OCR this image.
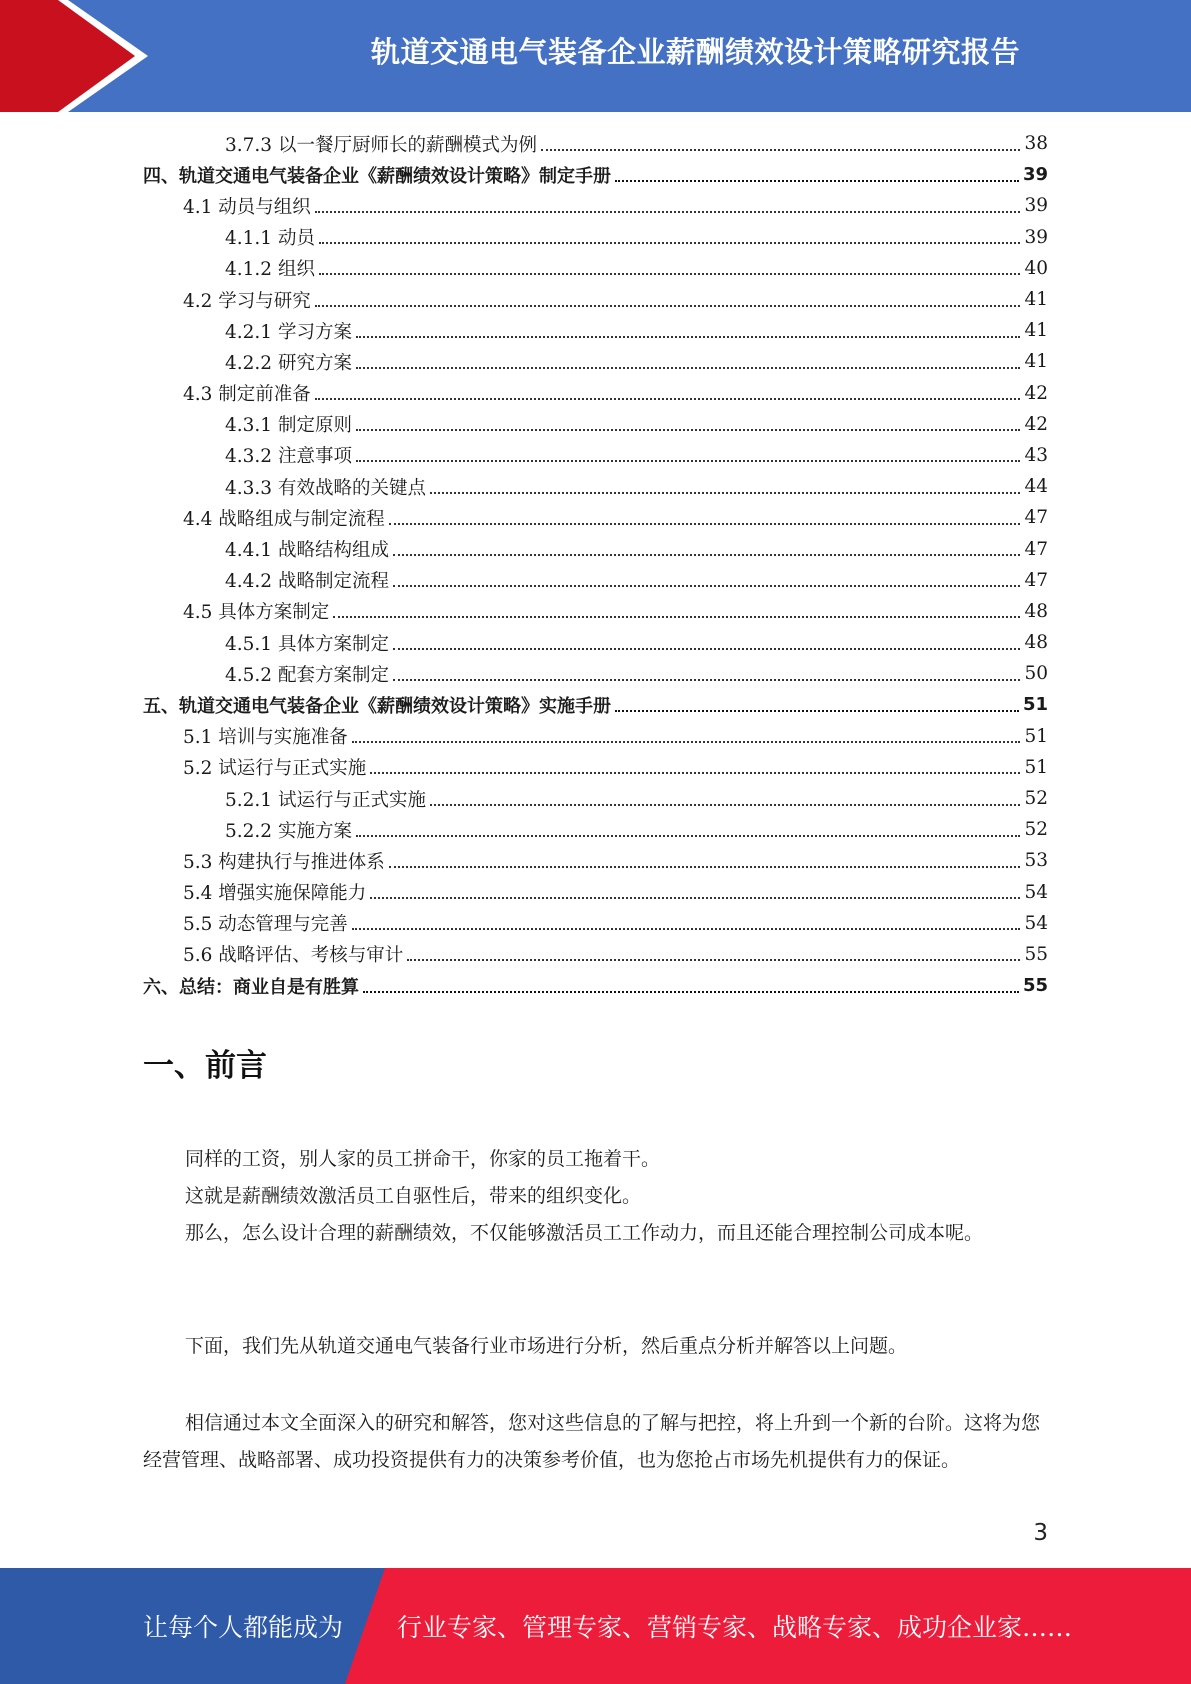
轨道交通电气装备企业薪酬绩效设计策略研究报告
3.7.3 以一餐厅厨师长的薪酬模式为例	38
四、轨道交通电气装备企业《薪酬绩效设计策略》制定手册	39
4.1 动员与组织	39
4.1.1 动员	39
4.1.2 组织	40
4.2 学习与研究	41
4.2.1 学习方案	41
4.2.2 研究方案	41
4.3 制定前准备	42
4.3.1 制定原则	42
4.3.2 注意事项	43
4.3.3 有效战略的关键点	44
4.4 战略组成与制定流程	47
4.4.1 战略结构组成	47
4.4.2 战略制定流程	47
4.5 具体方案制定	48
4.5.1 具体方案制定	48
4.5.2 配套方案制定	50
五、轨道交通电气装备企业《薪酬绩效设计策略》实施手册	51
5.1 培训与实施准备	51
5.2 试运行与正式实施	51
5.2.1 试运行与正式实施	52
5.2.2 实施方案	52
5.3 构建执行与推进体系	53
5.4 增强实施保障能力	54
5.5 动态管理与完善	54
5.6 战略评估、考核与审计	55
六、总结：商业自是有胜算	55
一、前言

同样的工资，别人家的员工拼命干，你家的员工拖着干。

这就是薪酬绩效激活员工自驱性后，带来的组织变化。

那么，怎么设计合理的薪酬绩效，不仅能够激活员工工作动力，而且还能合理控制公司成本呢。

下面，我们先从轨道交通电气装备行业市场进行分析，然后重点分析并解答以上问题。

相信通过本文全面深入的研究和解答，您对这些信息的了解与把控，将上升到一个新的台阶。这将为您经营管理、战略部署、成功投资提供有力的决策参考价值，也为您抢占市场先机提供有力的保证。

3
让每个人都能成为 行业专家、管理专家、营销专家、战略专家、成功企业家……
